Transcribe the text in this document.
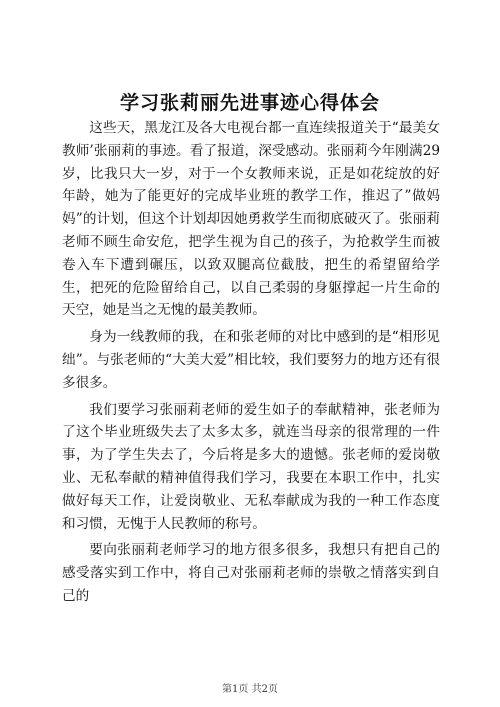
学习张莉丽先进事迹心得体会

这些天，黑龙江及各大电视台都一直连续报道关于“最美女教师’张丽莉的事迹。看了报道，深受感动。张丽莉今年刚满29岁，比我只大一岁，对于一个女教师来说，正是如花绽放的好年龄，她为了能更好的完成毕业班的教学工作，推迟了”做妈妈”的计划，但这个计划却因她勇救学生而彻底破灭了。张丽莉老师不顾生命安危，把学生视为自己的孩子，为抢救学生而被卷入车下遭到碾压，以致双腿高位截肢，把生的希望留给学生，把死的危险留给自己，以自己柔弱的身躯撑起一片生命的天空，她是当之无愧的最美教师。

身为一线教师的我，在和张老师的对比中感到的是“相形见绌”。与张老师的“大美大爱”相比较，我们要努力的地方还有很多很多。

我们要学习张丽莉老师的爱生如子的奉献精神，张老师为了这个毕业班级失去了太多太多，就连当母亲的很常理的一件事，为了学生失去了，今后将是多大的遗憾。张老师的爱岗敬业、无私奉献的精神值得我们学习，我要在本职工作中，扎实做好每天工作，让爱岗敬业、无私奉献成为我的一种工作态度和习惯，无愧于人民教师的称号。

要向张丽莉老师学习的地方很多很多，我想只有把自己的感受落实到工作中，将自己对张丽莉老师的崇敬之情落实到自己的

第1页 共2页
